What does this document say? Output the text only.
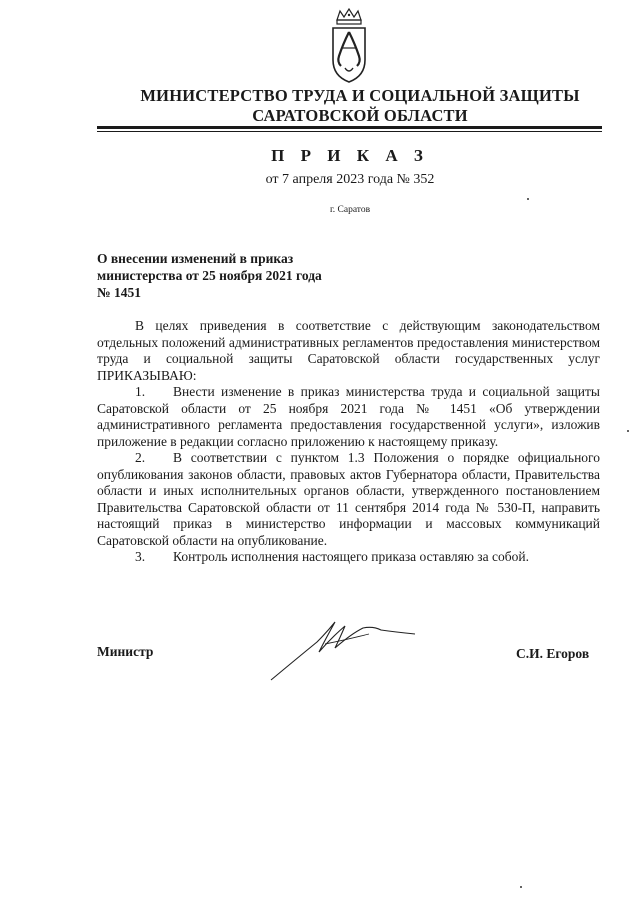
МИНИСТЕРСТВО ТРУДА И СОЦИАЛЬНОЙ ЗАЩИТЫ
САРАТОВСКОЙ ОБЛАСТИ
П Р И К А З
от 7 апреля 2023 года № 352
г. Саратов
О внесении изменений в приказ
министерства от 25 ноября 2021 года
№ 1451

В целях приведения в соответствие с действующим законодательством отдельных положений административных регламентов предоставления министерством труда и социальной защиты Саратовской области государственных услуг ПРИКАЗЫВАЮ:

1. Внести изменение в приказ министерства труда и социальной защиты Саратовской области от 25 ноября 2021 года № 1451 «Об утверждении административного регламента предоставления государственной услуги», изложив приложение в редакции согласно приложению к настоящему приказу.

2. В соответствии с пунктом 1.3 Положения о порядке официального опубликования законов области, правовых актов Губернатора области, Правительства области и иных исполнительных органов области, утвержденного постановлением Правительства Саратовской области от 11 сентября 2014 года № 530-П, направить настоящий приказ в министерство информации и массовых коммуникаций Саратовской области на опубликование.

3. Контроль исполнения настоящего приказа оставляю за собой.

Министр	С.И. Егоров
